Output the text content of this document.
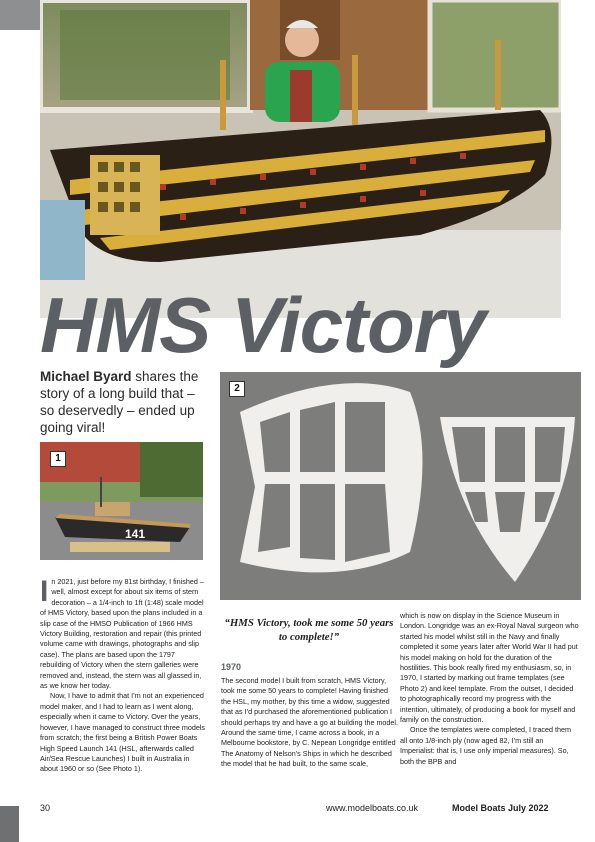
HMS Victory
Michael Byard shares the story of a long build that – so deservedly – ended up going viral!
141
1
2

In 2021, just before my 81st birthday, I finished – well, almost except for about six items of stern decoration – a 1/4-inch to 1ft (1:48) scale model of HMS Victory, based upon the plans included in a slip case of the HMSO Publication of 1966 HMS Victory Building, restoration and repair (this printed volume came with drawings, photographs and slip case). The plans are based upon the 1797 rebuilding of Victory when the stern galleries were removed and, instead, the stern was all glassed in, as we know her today.

Now, I have to admit that I’m not an experienced model maker, and I had to learn as I went along, especially when it came to Victory. Over the years, however, I have managed to construct three models from scratch; the first being a British Power Boats High Speed Launch 141 (HSL, afterwards called Air/Sea Rescue Launches) I built in Australia in about 1960 or so (See Photo 1).

“HMS Victory, took me some 50 years to complete!”
1970

The second model I built from scratch, HMS Victory, took me some 50 years to complete! Having finished the HSL, my mother, by this time a widow, suggested that as I’d purchased the aforementioned publication I should perhaps try and have a go at building the model. Around the same time, I came across a book, in a Melbourne bookstore, by C. Nepean Longridge entitled The Anatomy of Nelson’s Ships in which he described the model that he had built, to the same scale,

which is now on display in the Science Museum in London. Longridge was an ex-Royal Naval surgeon who started his model whilst still in the Navy and finally completed it some years later after World War II had put his model making on hold for the duration of the hostilities. This book really fired my enthusiasm, so, in 1970, I started by marking out frame templates (see Photo 2) and keel template. From the outset, I decided to photographically record my progress with the intention, ultimately, of producing a book for myself and family on the construction.

Once the templates were completed, I traced them all onto 1/8-inch ply (now aged 82, I’m still an Imperialist: that is, I use only imperial measures). So, both the BPB and

30	www.modelboats.co.uk	Model Boats July 2022
